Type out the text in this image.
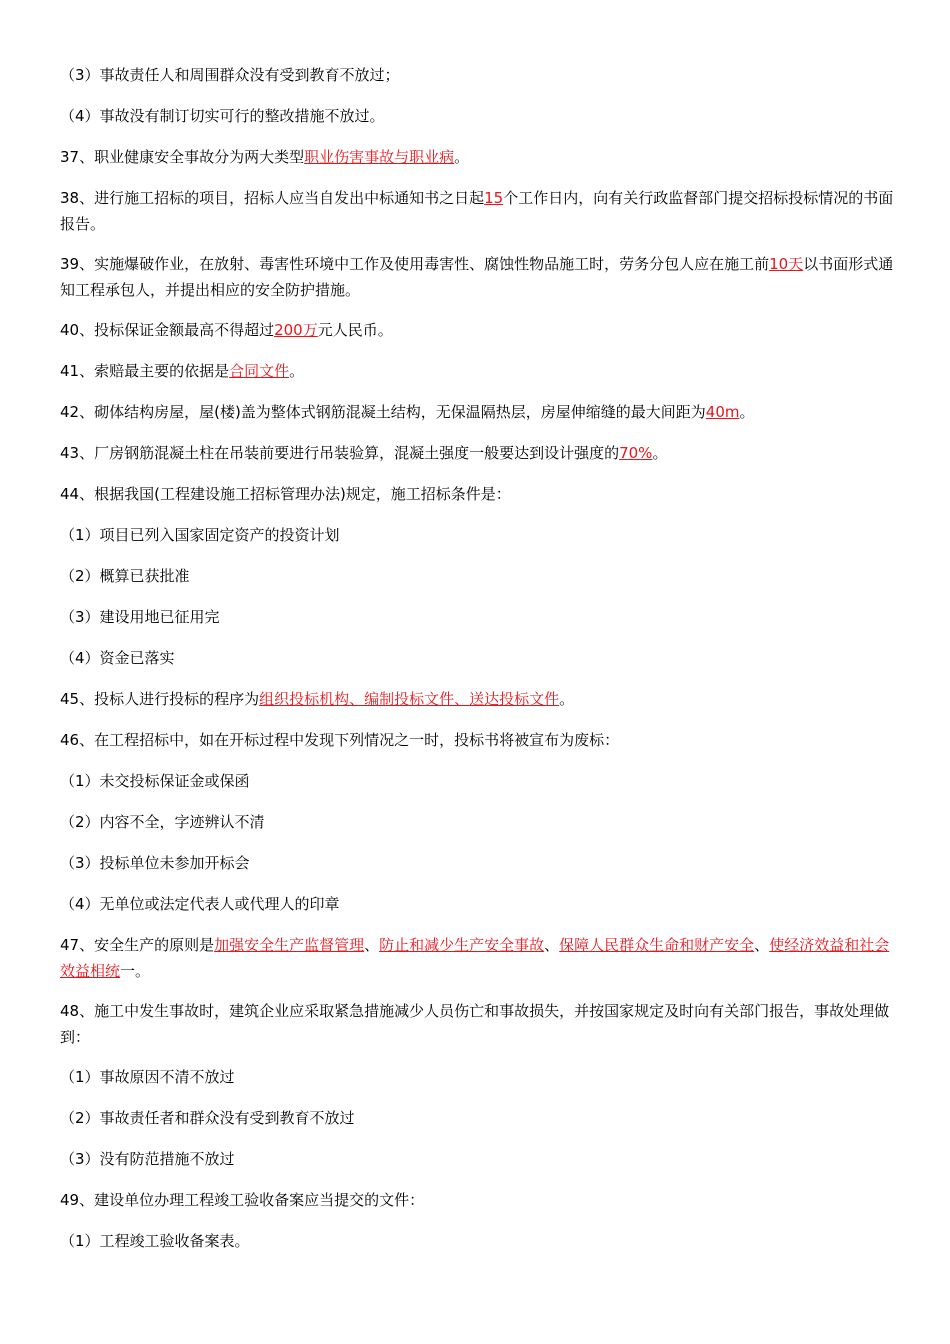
（3）事故责任人和周围群众没有受到教育不放过；

（4）事故没有制订切实可行的整改措施不放过。

37、职业健康安全事故分为两大类型职业伤害事故与职业病。

38、进行施工招标的项目，招标人应当自发出中标通知书之日起15个工作日内，向有关行政监督部门提交招标投标情况的书面报告。

39、实施爆破作业，在放射、毒害性环境中工作及使用毒害性、腐蚀性物品施工时，劳务分包人应在施工前10天以书面形式通知工程承包人，并提出相应的安全防护措施。

40、投标保证金额最高不得超过200万元人民币。

41、索赔最主要的依据是合同文件。

42、砌体结构房屋，屋(楼)盖为整体式钢筋混凝土结构，无保温隔热层，房屋伸缩缝的最大间距为40m。

43、厂房钢筋混凝土柱在吊装前要进行吊装验算，混凝土强度一般要达到设计强度的70%。

44、根据我国(工程建设施工招标管理办法)规定，施工招标条件是：

（1）项目已列入国家固定资产的投资计划

（2）概算已获批准

（3）建设用地已征用完

（4）资金已落实

45、投标人进行投标的程序为组织投标机构、编制投标文件、送达投标文件。

46、在工程招标中，如在开标过程中发现下列情况之一时，投标书将被宣布为废标：

（1）未交投标保证金或保函

（2）内容不全，字迹辨认不清

（3）投标单位未参加开标会

（4）无单位或法定代表人或代理人的印章

47、安全生产的原则是加强安全生产监督管理、防止和减少生产安全事故、保障人民群众生命和财产安全、使经济效益和社会效益相统一。

48、施工中发生事故时，建筑企业应采取紧急措施减少人员伤亡和事故损失，并按国家规定及时向有关部门报告，事故处理做到：

（1）事故原因不清不放过

（2）事故责任者和群众没有受到教育不放过

（3）没有防范措施不放过

49、建设单位办理工程竣工验收备案应当提交的文件：

（1）工程竣工验收备案表。
